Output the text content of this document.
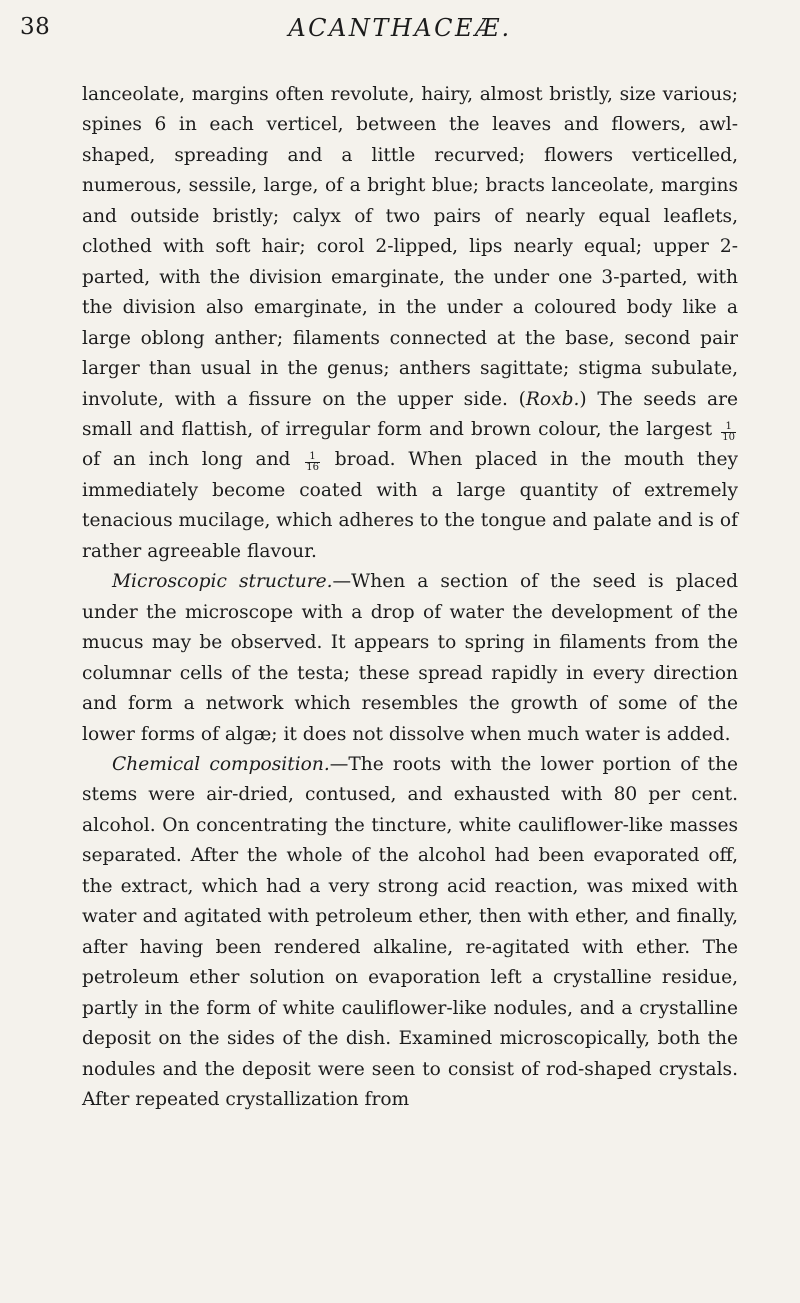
38	ACANTHACEÆ.

lanceolate, margins often revolute, hairy, almost bristly, size various; spines 6 in each verticel, between the leaves and flowers, awl-shaped, spreading and a little recurved; flowers verticelled, numerous, sessile, large, of a bright blue; bracts lanceolate, margins and outside bristly; calyx of two pairs of nearly equal leaflets, clothed with soft hair; corol 2-lipped, lips nearly equal; upper 2-parted, with the division emarginate, the under one 3-parted, with the division also emarginate, in the under a coloured body like a large oblong anther; filaments connected at the base, second pair larger than usual in the genus; anthers sagittate; stigma subulate, involute, with a fissure on the upper side. (Roxb.) The seeds are small and flattish, of irregular form and brown colour, the largest $\frac{1}{10}$
of an inch long and $\frac{1}{16}$ broad. When placed in the mouth they immediately become coated with a large quantity of extremely tenacious mucilage, which adheres to the tongue and palate and is of rather agreeable flavour.

Microscopic structure.—When a section of the seed is placed under the microscope with a drop of water the development of the mucus may be observed. It appears to spring in filaments from the columnar cells of the testa; these spread rapidly in every direction and form a network which resembles the growth of some of the lower forms of algæ; it does not dissolve when much water is added.

Chemical composition.—The roots with the lower portion of the stems were air-dried, contused, and exhausted with 80 per cent. alcohol. On concentrating the tincture, white cauliflower-like masses separated. After the whole of the alcohol had been evaporated off, the extract, which had a very strong acid reaction, was mixed with water and agitated with petroleum ether, then with ether, and finally, after having been rendered alkaline, re-agitated with ether. The petroleum ether solution on evaporation left a crystalline residue, partly in the form of white cauliflower-like nodules, and a crystalline deposit on the sides of the dish. Examined microscopically, both the nodules and the deposit were seen to consist of rod-shaped crystals. After repeated crystallization from
